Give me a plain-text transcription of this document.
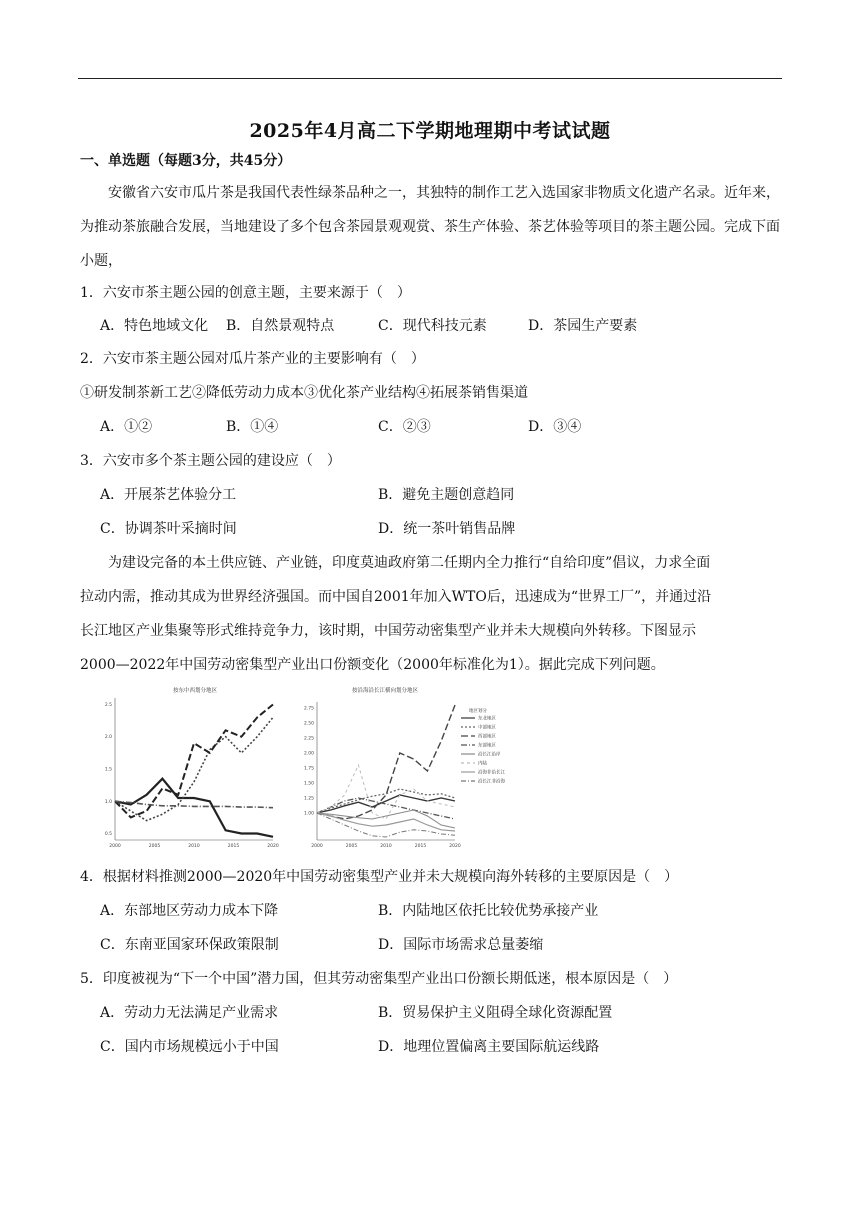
2025年4月高二下学期地理期中考试试题
一、单选题（每题3分，共45分）
安徽省六安市瓜片茶是我国代表性绿茶品种之一，其独特的制作工艺入选国家非物质文化遗产名录。近年来，为推动茶旅融合发展，当地建设了多个包含茶园景观观赏、茶生产体验、茶艺体验等项目的茶主题公园。完成下面小题，
1．六安市茶主题公园的创意主题，主要来源于（　）
A．特色地域文化 B．自然景观特点	C．现代科技元素	D．茶园生产要素
2．六安市茶主题公园对瓜片茶产业的主要影响有（　）
①研发制茶新工艺②降低劳动力成本③优化茶产业结构④拓展茶销售渠道
A．①②	B．①④	C．②③	D．③④
3．六安市多个茶主题公园的建设应（　）
A．开展茶艺体验分工	B．避免主题创意趋同
C．协调茶叶采摘时间	D．统一茶叶销售品牌
为建设完备的本土供应链、产业链，印度莫迪政府第二任期内全力推行“自给印度”倡议，力求全面
拉动内需，推动其成为世界经济强国。而中国自2001年加入WTO后，迅速成为“世界工厂”，并通过沿
长江地区产业集聚等形式维持竞争力，该时期，中国劳动密集型产业并未大规模向外转移。下图显示
2000—2022年中国劳动密集型产业出口份额变化（2000年标准化为1）。据此完成下列问题。
按东中西划分地区
0.5
1.0
1.5
2.0
2.5
2000	2005	2010	2015	2020
按沿海沿长江横向划分地区
1.00
1.25
1.50
1.75
2.00
2.25
2.50
2.75
2000	2005	2010	2015	2020
地区划分
东北地区
中部地区
西部地区
东部地区
沿长江沿岸
内陆
沿海非沿长江
沿长江非沿海
4．根据材料推测2000—2020年中国劳动密集型产业并未大规模向海外转移的主要原因是（　）
A．东部地区劳动力成本下降	B．内陆地区依托比较优势承接产业
C．东南亚国家环保政策限制	D．国际市场需求总量萎缩
5．印度被视为“下一个中国”潜力国，但其劳动密集型产业出口份额长期低迷，根本原因是（　）
A．劳动力无法满足产业需求	B．贸易保护主义阻碍全球化资源配置
C．国内市场规模远小于中国	D．地理位置偏离主要国际航运线路
